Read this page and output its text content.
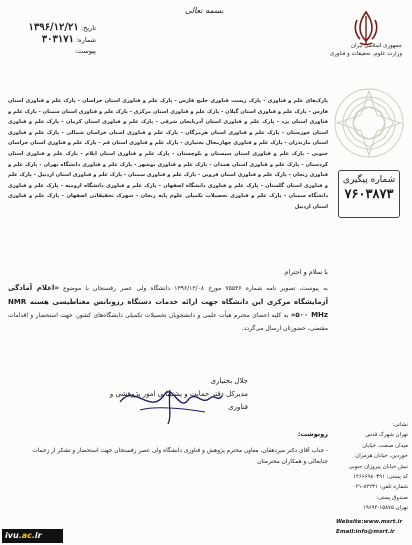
بسمه تعالی
تاریخ: ۱۳۹۶/۱۲/۲۱
شماره: ۳۰۳۱۷۱
پیوست:
جمهوری اسلامی ایران
وزارت علوم، تحقیقات و فناوری
پارک‌های علم و فناوری - پارک زیست فناوری خلیج فارس - پارک علم و فناوری استان خراسان - پارک علم و فناوری استان فارس - پارک علم و فناوری استان گیلان - پارک علم و فناوری استان مرکزی - پارک علم و فناوری استان سمنان - پارک علم و فناوری استان یزد - پارک علم و فناوری استان آذربایجان شرقی - پارک علم و فناوری استان کرمان - پارک علم و فناوری استان خوزستان - پارک علم و فناوری استان هرمزگان - پارک علم و فناوری استان خراسان شمالی - پارک علم و فناوری استان مازندران - پارک علم و فناوری چهارمحال بختیاری - پارک علم و فناوری استان قم - پارک علم و فناوری استان خراسان جنوبی - پارک علم و فناوری استان سیستان و بلوچستان - پارک علم و فناوری استان ایلام - پارک علم و فناوری استان کردستان - پارک علم و فناوری استان همدان - پارک علم و فناوری بوشهر - پارک علم و فناوری دانشگاه تهران - پارک علم و فناوری زنجان - پارک علم و فناوری استان قزوین - پارک علم و فناوری سمنان - پارک علم و فناوری استان اردبیل - پارک علم و فناوری استان گلستان - پارک علم و فناوری دانشگاه اصفهان - پارک علم و فناوری دانشگاه ارومیه - پارک علم و فناوری دانشگاه سمنان - پارک علم و فناوری تحصیلات تکمیلی علوم پایه زنجان - شهرک تحقیقاتی اصفهان - پارک علم و فناوری استان اردبیل
شماره پیگیری
۷۶۰۳۸۷۳
با سلام و احترام
به پیوست، تصویر نامه شماره ۷۵۵۳۶ مورخ ۱۳۹۶/۱۲/۰۸ دانشگاه ولی عصر رفسنجان با موضوع «اعلام آمادگی آزمایشگاه مرکزی این دانشگاه جهت ارائه خدمات دستگاه رزونانس مغناطیسی هسته NMR ۵۰۰ MHz» به کلیه اعضای محترم هیأت علمی و دانشجویان تحصیلات تکمیلی دانشگاه‌های کشور، جهت استحضار و اقدامات مقتضی، حضورتان ارسال می‌گردد.
جلال بختیاری
مدیرکل دفتر حمایت و پشتیبانی امور پژوهشی و فناوری
رونوشت:
- جناب آقای دکتر میردهقان، معاون محترم پژوهش و فناوری دانشگاه ولی عصر رفسنجان جهت استحضار و تشکر از زحمات جنابعالی و همکاران محترمتان
نشانی:
تهران شهرک قدس
میدان صنعت، خیابان
خوردین، خیابان هرمزان
نبش خیابان پیروزان جنوبی
کد پستی: ۱۴۶۶۶۹۸۰۳۹۱
شماره تلفن: ۸۲۲۳۱-۰۲۱
صندوق پستی:
تهران ۱۵۸۷۵-۱۹۶۹۴
Website:www.msrt.ir
Email:info@msrt.ir
ivu.ac.ir
